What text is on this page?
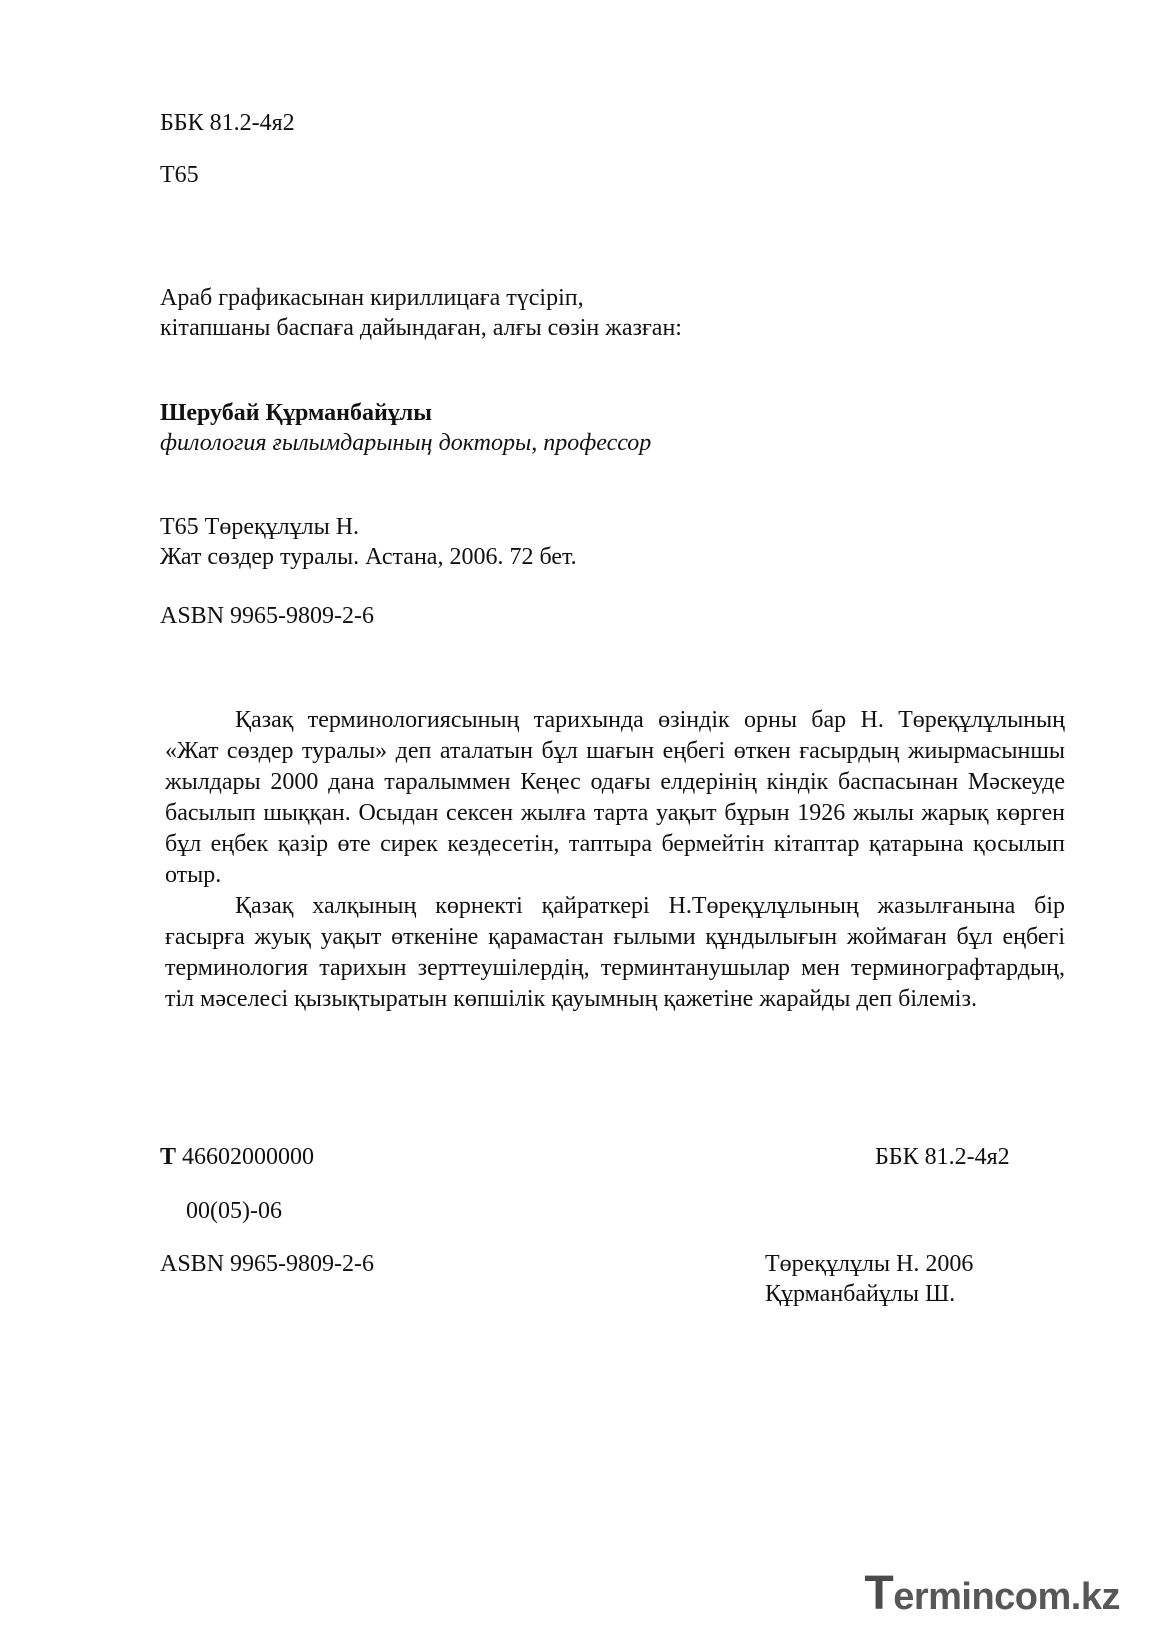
ББК 81.2-4я2
Т65
Араб графикасынан кириллицаға түсіріп,
кітапшаны баспаға дайындаған, алғы сөзін жазған:
Шерубай Құрманбайұлы
филология ғылымдарының докторы, профессор
Т65 Төреқұлұлы Н.
Жат сөздер туралы. Астана, 2006. 72 бет.
ASBN 9965-9809-2-6

Қазақ терминологиясының тарихында өзіндік орны бар Н. Төреқұлұлының «Жат сөздер туралы» деп аталатын бұл шағын еңбегі өткен ғасырдың жиырмасыншы жылдары 2000 дана таралыммен Кеңес одағы елдерінің кіндік баспасынан Мәскеуде басылып шыққан. Осыдан сексен жылға тарта уақыт бұрын 1926 жылы жарық көрген бұл еңбек қазір өте сирек кездесетін, таптыра бермейтін кітаптар қатарына қосылып отыр.

Қазақ халқының көрнекті қайраткері Н.Төреқұлұлының жазылғанына бір ғасырға жуық уақыт өткеніне қарамастан ғылыми құндылығын жоймаған бұл еңбегі терминология тарихын зерттеушілердің, терминтанушылар мен терминографтардың, тіл мәселесі қызықтыратын көпшілік қауымның қажетіне жарайды деп білеміз.

Т 46602000000	ББК 81.2-4я2
00(05)-06
ASBN 9965-9809-2-6	Төреқұлұлы Н. 2006
Құрманбайұлы Ш.
Termincom.kz
